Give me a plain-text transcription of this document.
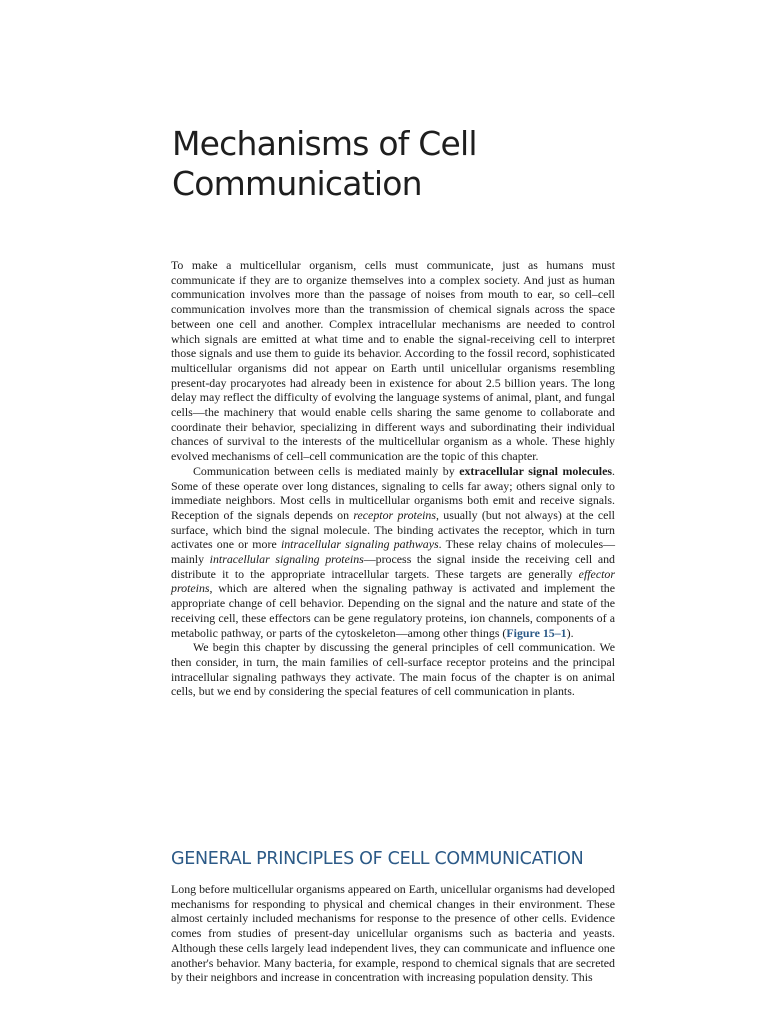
Mechanisms of Cell
Communication

To make a multicellular organism, cells must communicate, just as humans must communicate if they are to organize themselves into a complex society. And just as human communication involves more than the passage of noises from mouth to ear, so cell–cell communication involves more than the transmission of chemical signals across the space between one cell and another. Complex intracellular mechanisms are needed to control which signals are emitted at what time and to enable the signal-receiving cell to interpret those signals and use them to guide its behavior. According to the fossil record, sophisticated multicellular organisms did not appear on Earth until unicellular organisms resembling present-day procaryotes had already been in existence for about 2.5 billion years. The long delay may reflect the difficulty of evolving the language systems of animal, plant, and fungal cells—the machinery that would enable cells sharing the same genome to collaborate and coordinate their behavior, specializing in different ways and subordinating their individual chances of survival to the interests of the multicellular organism as a whole. These highly evolved mechanisms of cell–cell communication are the topic of this chapter.

Communication between cells is mediated mainly by extracellular signal molecules. Some of these operate over long distances, signaling to cells far away; others signal only to immediate neighbors. Most cells in multicellular organisms both emit and receive signals. Reception of the signals depends on receptor proteins, usually (but not always) at the cell surface, which bind the signal molecule. The binding activates the receptor, which in turn activates one or more intracellular signaling pathways. These relay chains of molecules—mainly intracellular signaling proteins—process the signal inside the receiving cell and distribute it to the appropriate intracellular targets. These targets are generally effector proteins, which are altered when the signaling pathway is activated and implement the appropriate change of cell behavior. Depending on the signal and the nature and state of the receiving cell, these effectors can be gene regulatory proteins, ion channels, components of a metabolic pathway, or parts of the cytoskeleton—among other things (Figure 15–1).

We begin this chapter by discussing the general principles of cell communication. We then consider, in turn, the main families of cell-surface receptor proteins and the principal intracellular signaling pathways they activate. The main focus of the chapter is on animal cells, but we end by considering the special features of cell communication in plants.

GENERAL PRINCIPLES OF CELL COMMUNICATION

Long before multicellular organisms appeared on Earth, unicellular organisms had developed mechanisms for responding to physical and chemical changes in their environment. These almost certainly included mechanisms for response to the presence of other cells. Evidence comes from studies of present-day unicellular organisms such as bacteria and yeasts. Although these cells largely lead independent lives, they can communicate and influence one another's behavior. Many bacteria, for example, respond to chemical signals that are secreted by their neighbors and increase in concentration with increasing population density. This
